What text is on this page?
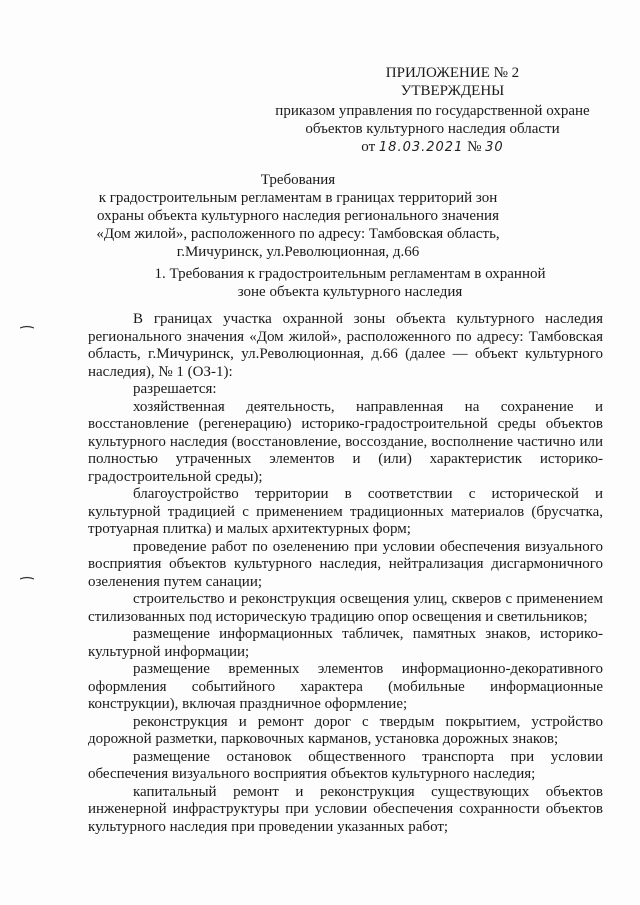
ПРИЛОЖЕНИЕ № 2
УТВЕРЖДЕНЫ
приказом управления по государственной охране
объектов культурного наследия области
от 18.03.2021 № 30
Требования
к градостроительным регламентам в границах территорий зон охраны объекта культурного наследия регионального значения «Дом жилой», расположенного по адресу: Тамбовская область, г.Мичуринск, ул.Революционная, д.66
1. Требования к градостроительным регламентам в охранной зоне объекта культурного наследия

В границах участка охранной зоны объекта культурного наследия регионального значения «Дом жилой», расположенного по адресу: Тамбовская область, г.Мичуринск, ул.Революционная, д.66 (далее — объект культурного наследия), № 1 (ОЗ-1):

разрешается:

хозяйственная деятельность, направленная на сохранение и восстановление (регенерацию) историко-градостроительной среды объектов культурного наследия (восстановление, воссоздание, восполнение частично или полностью утраченных элементов и (или) характеристик историко-градостроительной среды);

благоустройство территории в соответствии с исторической и культурной традицией с применением традиционных материалов (брусчатка, тротуарная плитка) и малых архитектурных форм;

проведение работ по озеленению при условии обеспечения визуального восприятия объектов культурного наследия, нейтрализация дисгармоничного озеленения путем санации;

строительство и реконструкция освещения улиц, скверов с применением стилизованных под историческую традицию опор освещения и светильников;

размещение информационных табличек, памятных знаков, историко-культурной информации;

размещение временных элементов информационно-декоративного оформления событийного характера (мобильные информационные конструкции), включая праздничное оформление;

реконструкция и ремонт дорог с твердым покрытием, устройство дорожной разметки, парковочных карманов, установка дорожных знаков;

размещение остановок общественного транспорта при условии обеспечения визуального восприятия объектов культурного наследия;

капитальный ремонт и реконструкция существующих объектов инженерной инфраструктуры при условии обеспечения сохранности объектов культурного наследия при проведении указанных работ;
